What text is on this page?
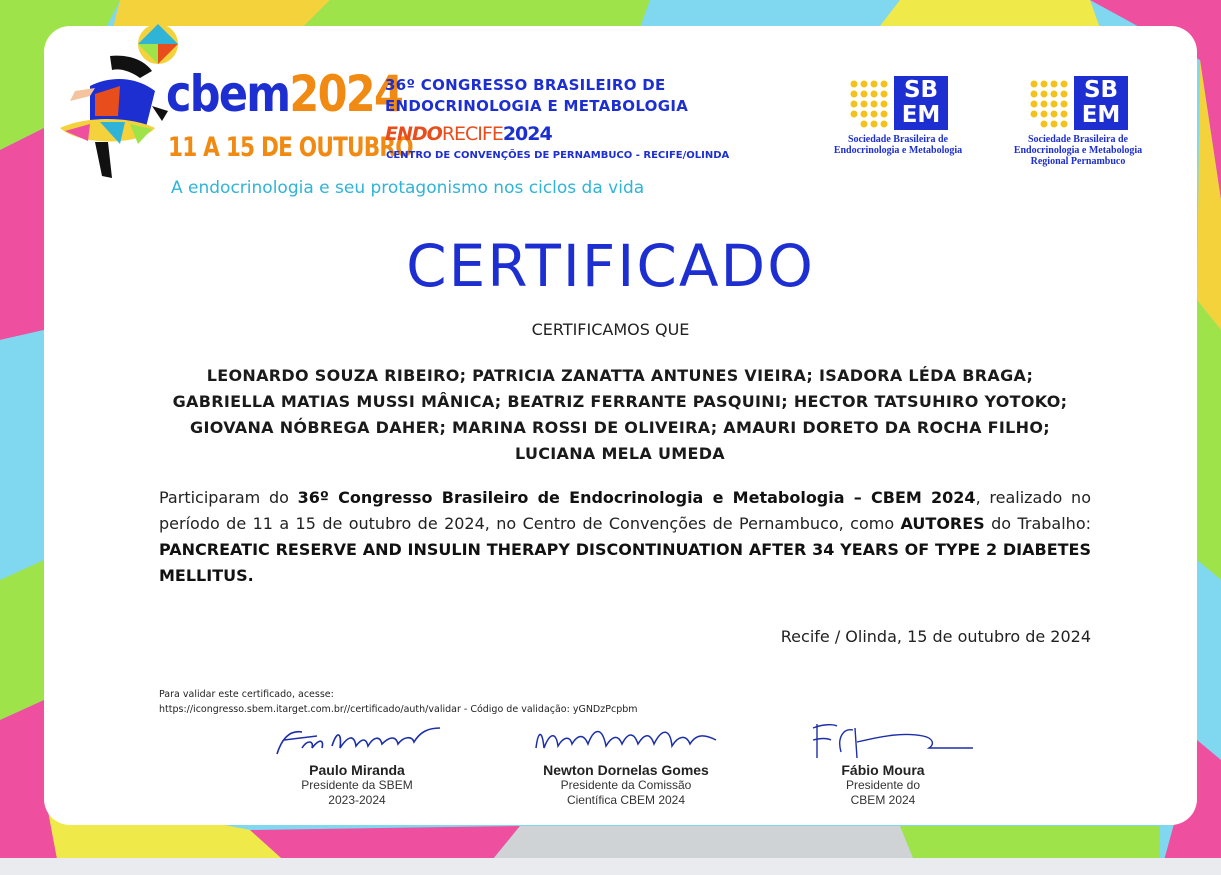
cbem2024
11 A 15 DE OUTUBRO
A endocrinologia e seu protagonismo nos ciclos da vida
36º CONGRESSO BRASILEIRO DE
ENDOCRINOLOGIA E METABOLOGIA
ENDORECIFE2024
CENTRO DE CONVENÇÕES DE PERNAMBUCO - RECIFE/OLINDA
SB
EM
Sociedade Brasileira de Endocrinologia e Metabologia
SB
EM
Sociedade Brasileira de Endocrinologia e Metabologia Regional Pernambuco
CERTIFICADO
CERTIFICAMOS QUE
LEONARDO SOUZA RIBEIRO; PATRICIA ZANATTA ANTUNES VIEIRA; ISADORA LÉDA BRAGA; GABRIELLA MATIAS MUSSI MÂNICA; BEATRIZ FERRANTE PASQUINI; HECTOR TATSUHIRO YOTOKO; GIOVANA NÓBREGA DAHER; MARINA ROSSI DE OLIVEIRA; AMAURI DORETO DA ROCHA FILHO; LUCIANA MELA UMEDA
Participaram do 36º Congresso Brasileiro de Endocrinologia e Metabologia – CBEM 2024, realizado no período de 11 a 15 de outubro de 2024, no Centro de Convenções de Pernambuco, como AUTORES do Trabalho: PANCREATIC RESERVE AND INSULIN THERAPY DISCONTINUATION AFTER 34 YEARS OF TYPE 2 DIABETES MELLITUS.
Recife / Olinda, 15 de outubro de 2024
Para validar este certificado, acesse:
https://icongresso.sbem.itarget.com.br//certificado/auth/validar - Código de validação: yGNDzPcpbm
Paulo Miranda
Presidente da SBEM
2023-2024
Newton Dornelas Gomes
Presidente da Comissão
Científica CBEM 2024
Fábio Moura
Presidente do
CBEM 2024
